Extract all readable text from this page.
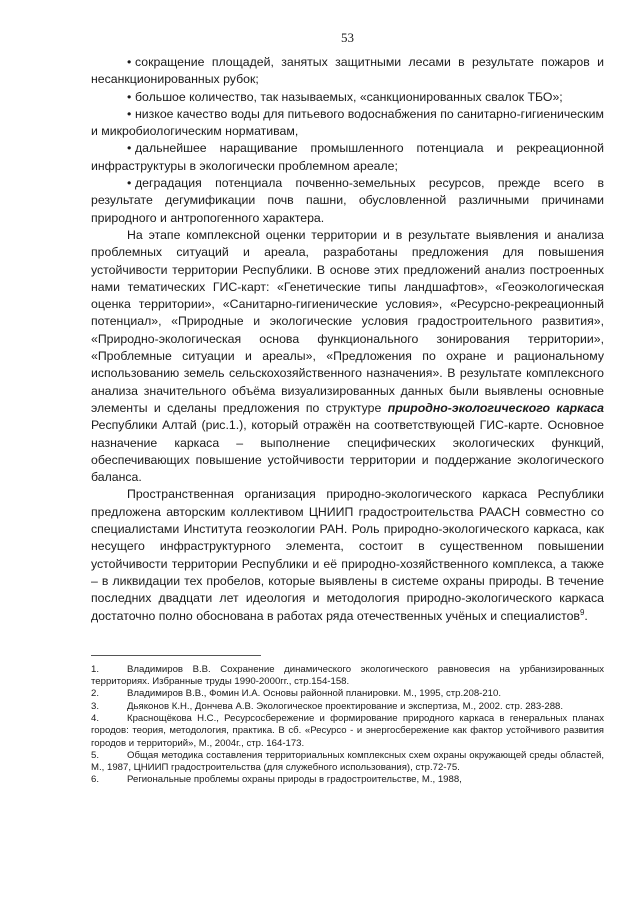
53

• сокращение площадей, занятых защитными лесами в результате пожаров и несанкционированных рубок;

• большое количество, так называемых, «санкционированных свалок ТБО»;

• низкое качество воды для питьевого водоснабжения по санитарно-гигиеническим и микробиологическим нормативам,

• дальнейшее наращивание промышленного потенциала и рекреационной инфраструктуры в экологически проблемном ареале;

• деградация потенциала почвенно-земельных ресурсов, прежде всего в результате дегумификации почв пашни, обусловленной различными причинами природного и антропогенного характера.

На этапе комплексной оценки территории и в результате выявления и анализа проблемных ситуаций и ареала, разработаны предложения для повышения устойчивости территории Республики. В основе этих предложений анализ построенных нами тематических ГИС-карт: «Генетические типы ландшафтов», «Геоэкологическая оценка территории», «Санитарно-гигиенические условия», «Ресурсно-рекреационный потенциал», «Природные и экологические условия градостроительного развития», «Природно-экологическая основа функционального зонирования территории», «Проблемные ситуации и ареалы», «Предложения по охране и рациональному использованию земель сельскохозяйственного назначения». В результате комплексного анализа значительного объёма визуализированных данных были выявлены основные элементы и сделаны предложения по структуре природно-экологического каркаса Республики Алтай (рис.1.), который отражён на соответствующей ГИС-карте. Основное назначение каркаса – выполнение специфических экологических функций, обеспечивающих повышение устойчивости территории и поддержание экологического баланса.

Пространственная организация природно-экологического каркаса Республики предложена авторским коллективом ЦНИИП градостроительства РААСН совместно со специалистами Института геоэкологии РАН. Роль природно-экологического каркаса, как несущего инфраструктурного элемента, состоит в существенном повышении устойчивости территории Республики и её природно-хозяйственного комплекса, а также – в ликвидации тех пробелов, которые выявлены в системе охраны природы. В течение последних двадцати лет идеология и методология природно-экологического каркаса достаточно полно обоснована в работах ряда отечественных учёных и специалистов$^9$.

1.	Владимиров В.В. Сохранение динамического экологического равновесия на урбанизированных территориях. Избранные труды 1990-2000гг., стр.154-158.

2.	Владимиров В.В., Фомин И.А. Основы районной планировки. М., 1995, стр.208-210.

3.	Дьяконов К.Н., Дончева А.В. Экологическое проектирование и экспертиза, М., 2002. стр. 283-288.

4.	Кpacнoщёкова Н.С., Ресурсосбережение и формирование природного каркаса в генеральных планах городов: теория, методология, практика. В сб. «Ресурсо - и энергосбережение как фактор устойчивого развития городов и территорий», М., 2004г., стр. 164-173.

5.	Общая методика составления территориальных комплексных схем охраны окружающей среды областей, М., 1987, ЦНИИП градостроительства (для служебного использования), стр.72-75.

6.	Региональные проблемы охраны природы в градостроительстве, М., 1988,
